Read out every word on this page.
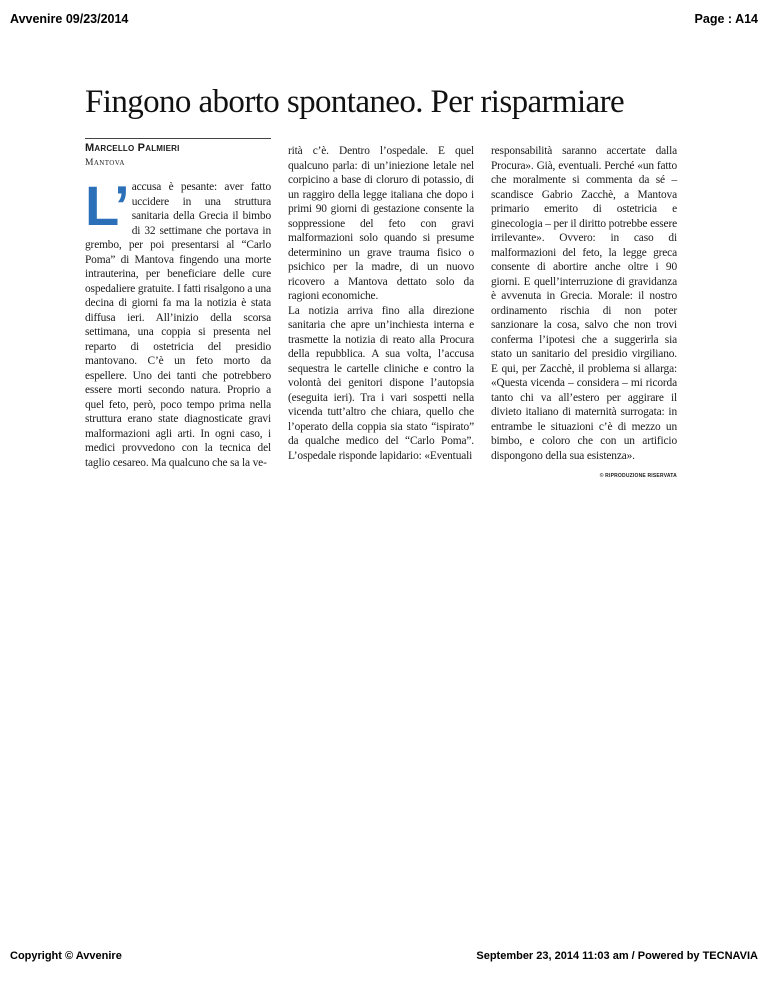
Avvenire 09/23/2014	Page : A14
Fingono aborto spontaneo. Per risparmiare
Marcello Palmieri
Mantova
L’ accusa è pesante: aver fatto uccidere in una struttura sanitaria della Grecia il bimbo di 32 settimane che portava in grembo, per poi presentarsi al “Carlo Poma” di Mantova fingendo una morte intrauterina, per beneficiare delle cure ospedaliere gratuite. I fatti risalgono a una decina di giorni fa ma la notizia è stata diffusa ieri. All’inizio della scorsa settimana, una coppia si presenta nel reparto di ostetricia del presidio mantovano. C’è un feto morto da espellere. Uno dei tanti che potrebbero essere morti secondo natura. Proprio a quel feto, però, poco tempo prima nella struttura erano state diagnosticate gravi malformazioni agli arti. In ogni caso, i medici provvedono con la tecnica del taglio cesareo. Ma qualcuno che sa la ve-

rità c’è. Dentro l’ospedale. E quel qualcuno parla: di un’iniezione letale nel corpicino a base di cloruro di potassio, di un raggiro della legge italiana che dopo i primi 90 giorni di gestazione consente la soppressione del feto con gravi malformazioni solo quando si presume determinino un grave trauma fisico o psichico per la madre, di un nuovo ricovero a Mantova dettato solo da ragioni economiche.

La notizia arriva fino alla direzione sanitaria che apre un’inchiesta interna e trasmette la notizia di reato alla Procura della repubblica. A sua volta, l’accusa sequestra le cartelle cliniche e contro la volontà dei genitori dispone l’autopsia (eseguita ieri). Tra i vari sospetti nella vicenda tutt’altro che chiara, quello che l’operato della coppia sia stato “ispirato” da qualche medico del “Carlo Poma”. L’ospedale risponde lapidario: «Eventuali

responsabilità saranno accertate dalla Procura». Già, eventuali. Perché «un fatto che moralmente si commenta da sé – scandisce Gabrio Zacchè, a Mantova primario emerito di ostetricia e ginecologia – per il diritto potrebbe essere irrilevante». Ovvero: in caso di malformazioni del feto, la legge greca consente di abortire anche oltre i 90 giorni. E quell’interruzione di gravidanza è avvenuta in Grecia. Morale: il nostro ordinamento rischia di non poter sanzionare la cosa, salvo che non trovi conferma l’ipotesi che a suggerirla sia stato un sanitario del presidio virgiliano. E qui, per Zacchè, il problema si allarga: «Questa vicenda – considera – mi ricorda tanto chi va all’estero per aggirare il divieto italiano di maternità surrogata: in entrambe le situazioni c’è di mezzo un bimbo, e coloro che con un artificio dispongono della sua esistenza».

© RIPRODUZIONE RISERVATA
Copyright © Avvenire	September 23, 2014 11:03 am / Powered by TECNAVIA
